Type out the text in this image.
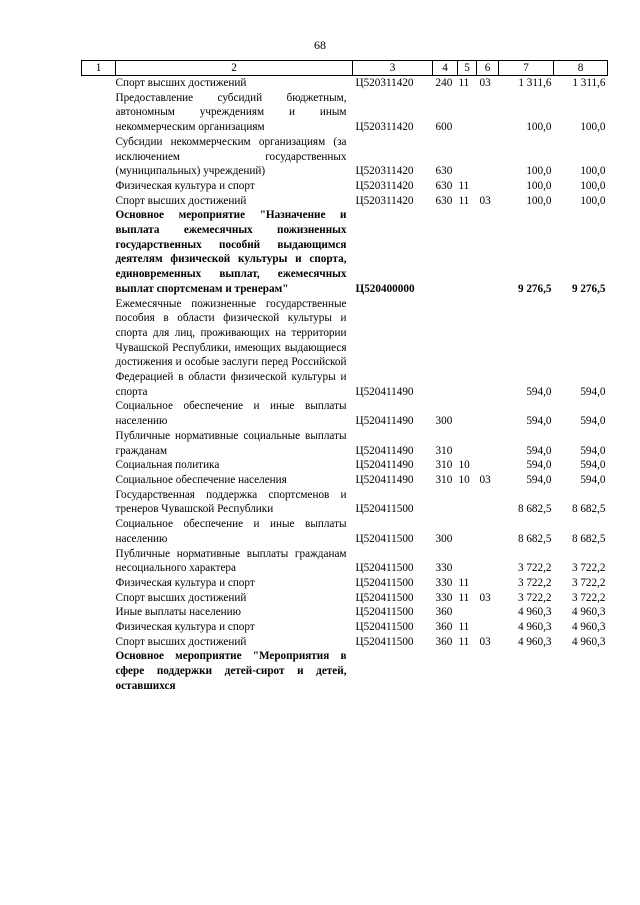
68
1	2	3	4	5	6	7	8
Спорт высших достижений		Ц520311420	240	11	03	1 311,6	1 311,6
Предоставление субсидий бюджетным, автономным учреждениям и иным некоммерческим организациям		Ц520311420	600			100,0	100,0
Субсидии некоммерческим организациям (за исключением государственных (муниципальных) учреждений)		Ц520311420	630			100,0	100,0
Физическая культура и спорт		Ц520311420	630	11		100,0	100,0
Спорт высших достижений		Ц520311420	630	11	03	100,0	100,0
Основное мероприятие "Назначение и выплата ежемесячных пожизненных государственных пособий выдающимся деятелям физической культуры и спорта, единовременных выплат, ежемесячных выплат спортсменам и тренерам"		Ц520400000				9 276,5	9 276,5
Ежемесячные пожизненные государственные пособия в области физической культуры и спорта для лиц, проживающих на территории Чувашской Республики, имеющих выдающиеся достижения и особые заслуги перед Российской Федерацией в области физической культуры и спорта		Ц520411490				594,0	594,0
Социальное обеспечение и иные выплаты населению		Ц520411490	300			594,0	594,0
Публичные нормативные социальные выплаты гражданам		Ц520411490	310			594,0	594,0
Социальная политика		Ц520411490	310	10		594,0	594,0
Социальное обеспечение населения		Ц520411490	310	10	03	594,0	594,0
Государственная поддержка спортсменов и тренеров Чувашской Республики		Ц520411500				8 682,5	8 682,5
Социальное обеспечение и иные выплаты населению		Ц520411500	300			8 682,5	8 682,5
Публичные нормативные выплаты гражданам несоциального характера		Ц520411500	330			3 722,2	3 722,2
Физическая культура и спорт		Ц520411500	330	11		3 722,2	3 722,2
Спорт высших достижений		Ц520411500	330	11	03	3 722,2	3 722,2
Иные выплаты населению		Ц520411500	360			4 960,3	4 960,3
Физическая культура и спорт		Ц520411500	360	11		4 960,3	4 960,3
Спорт высших достижений		Ц520411500	360	11	03	4 960,3	4 960,3
Основное мероприятие "Мероприятия в сфере поддержки детей-сирот и детей, оставшихся							
